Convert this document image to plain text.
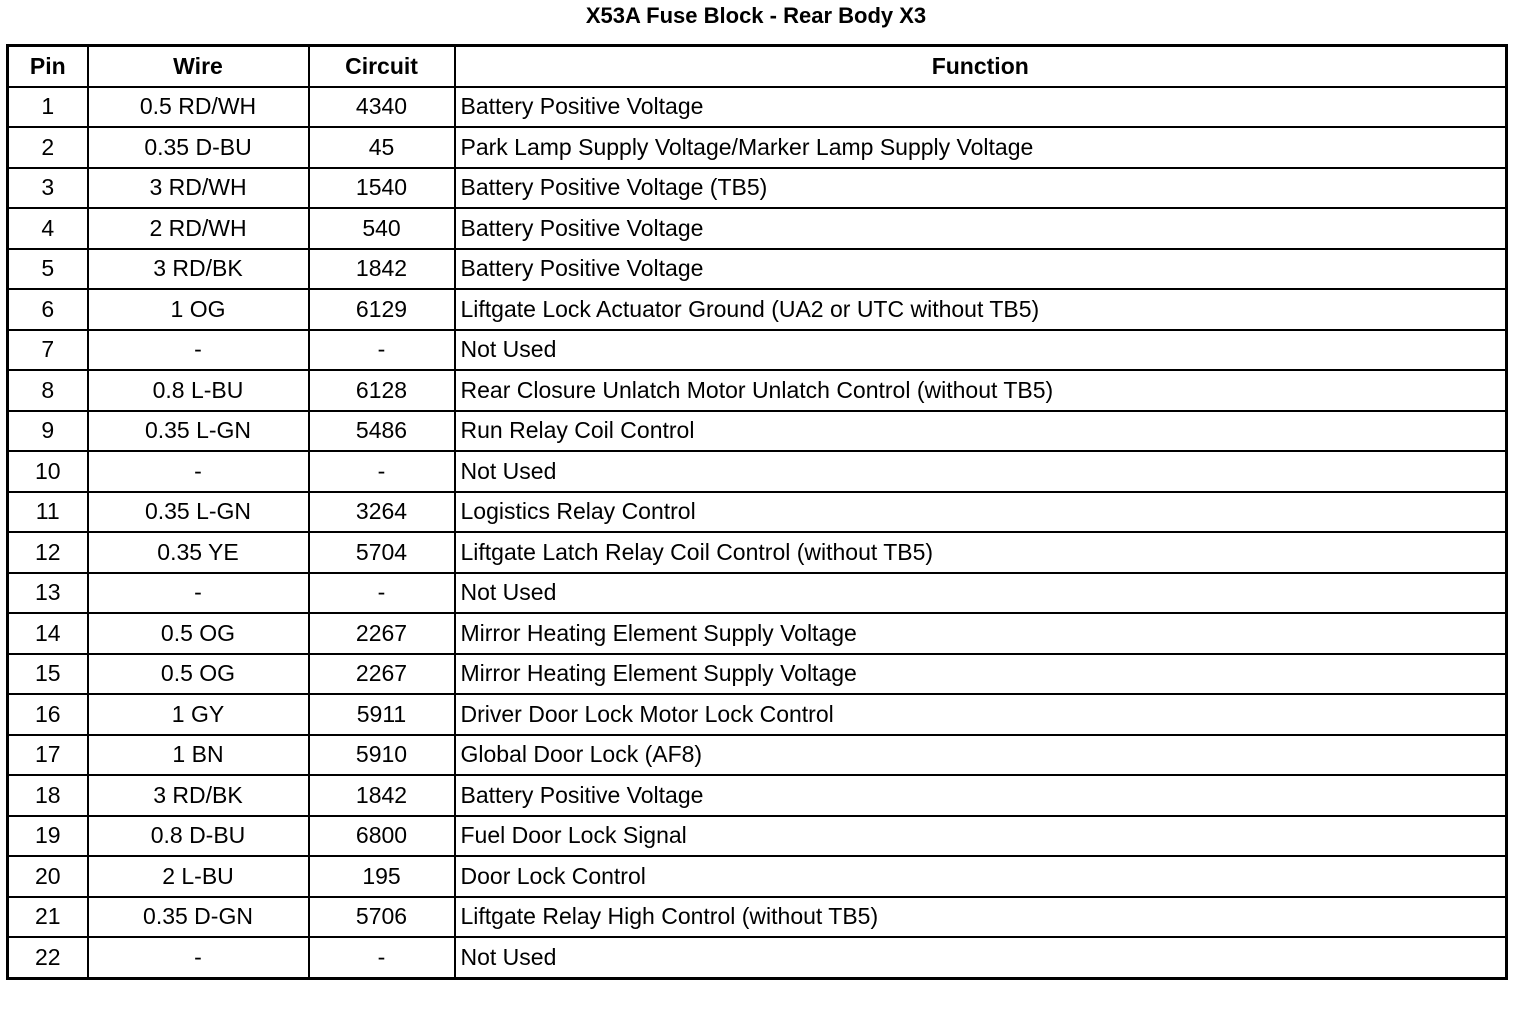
X53A Fuse Block - Rear Body X3
Pin	Wire	Circuit	Function
1	0.5 RD/WH	4340	Battery Positive Voltage
2	0.35 D-BU	45	Park Lamp Supply Voltage/Marker Lamp Supply Voltage
3	3 RD/WH	1540	Battery Positive Voltage (TB5)
4	2 RD/WH	540	Battery Positive Voltage
5	3 RD/BK	1842	Battery Positive Voltage
6	1 OG	6129	Liftgate Lock Actuator Ground (UA2 or UTC without TB5)
7	-	-	Not Used
8	0.8 L-BU	6128	Rear Closure Unlatch Motor Unlatch Control (without TB5)
9	0.35 L-GN	5486	Run Relay Coil Control
10	-	-	Not Used
11	0.35 L-GN	3264	Logistics Relay Control
12	0.35 YE	5704	Liftgate Latch Relay Coil Control (without TB5)
13	-	-	Not Used
14	0.5 OG	2267	Mirror Heating Element Supply Voltage
15	0.5 OG	2267	Mirror Heating Element Supply Voltage
16	1 GY	5911	Driver Door Lock Motor Lock Control
17	1 BN	5910	Global Door Lock (AF8)
18	3 RD/BK	1842	Battery Positive Voltage
19	0.8 D-BU	6800	Fuel Door Lock Signal
20	2 L-BU	195	Door Lock Control
21	0.35 D-GN	5706	Liftgate Relay High Control (without TB5)
22	-	-	Not Used
